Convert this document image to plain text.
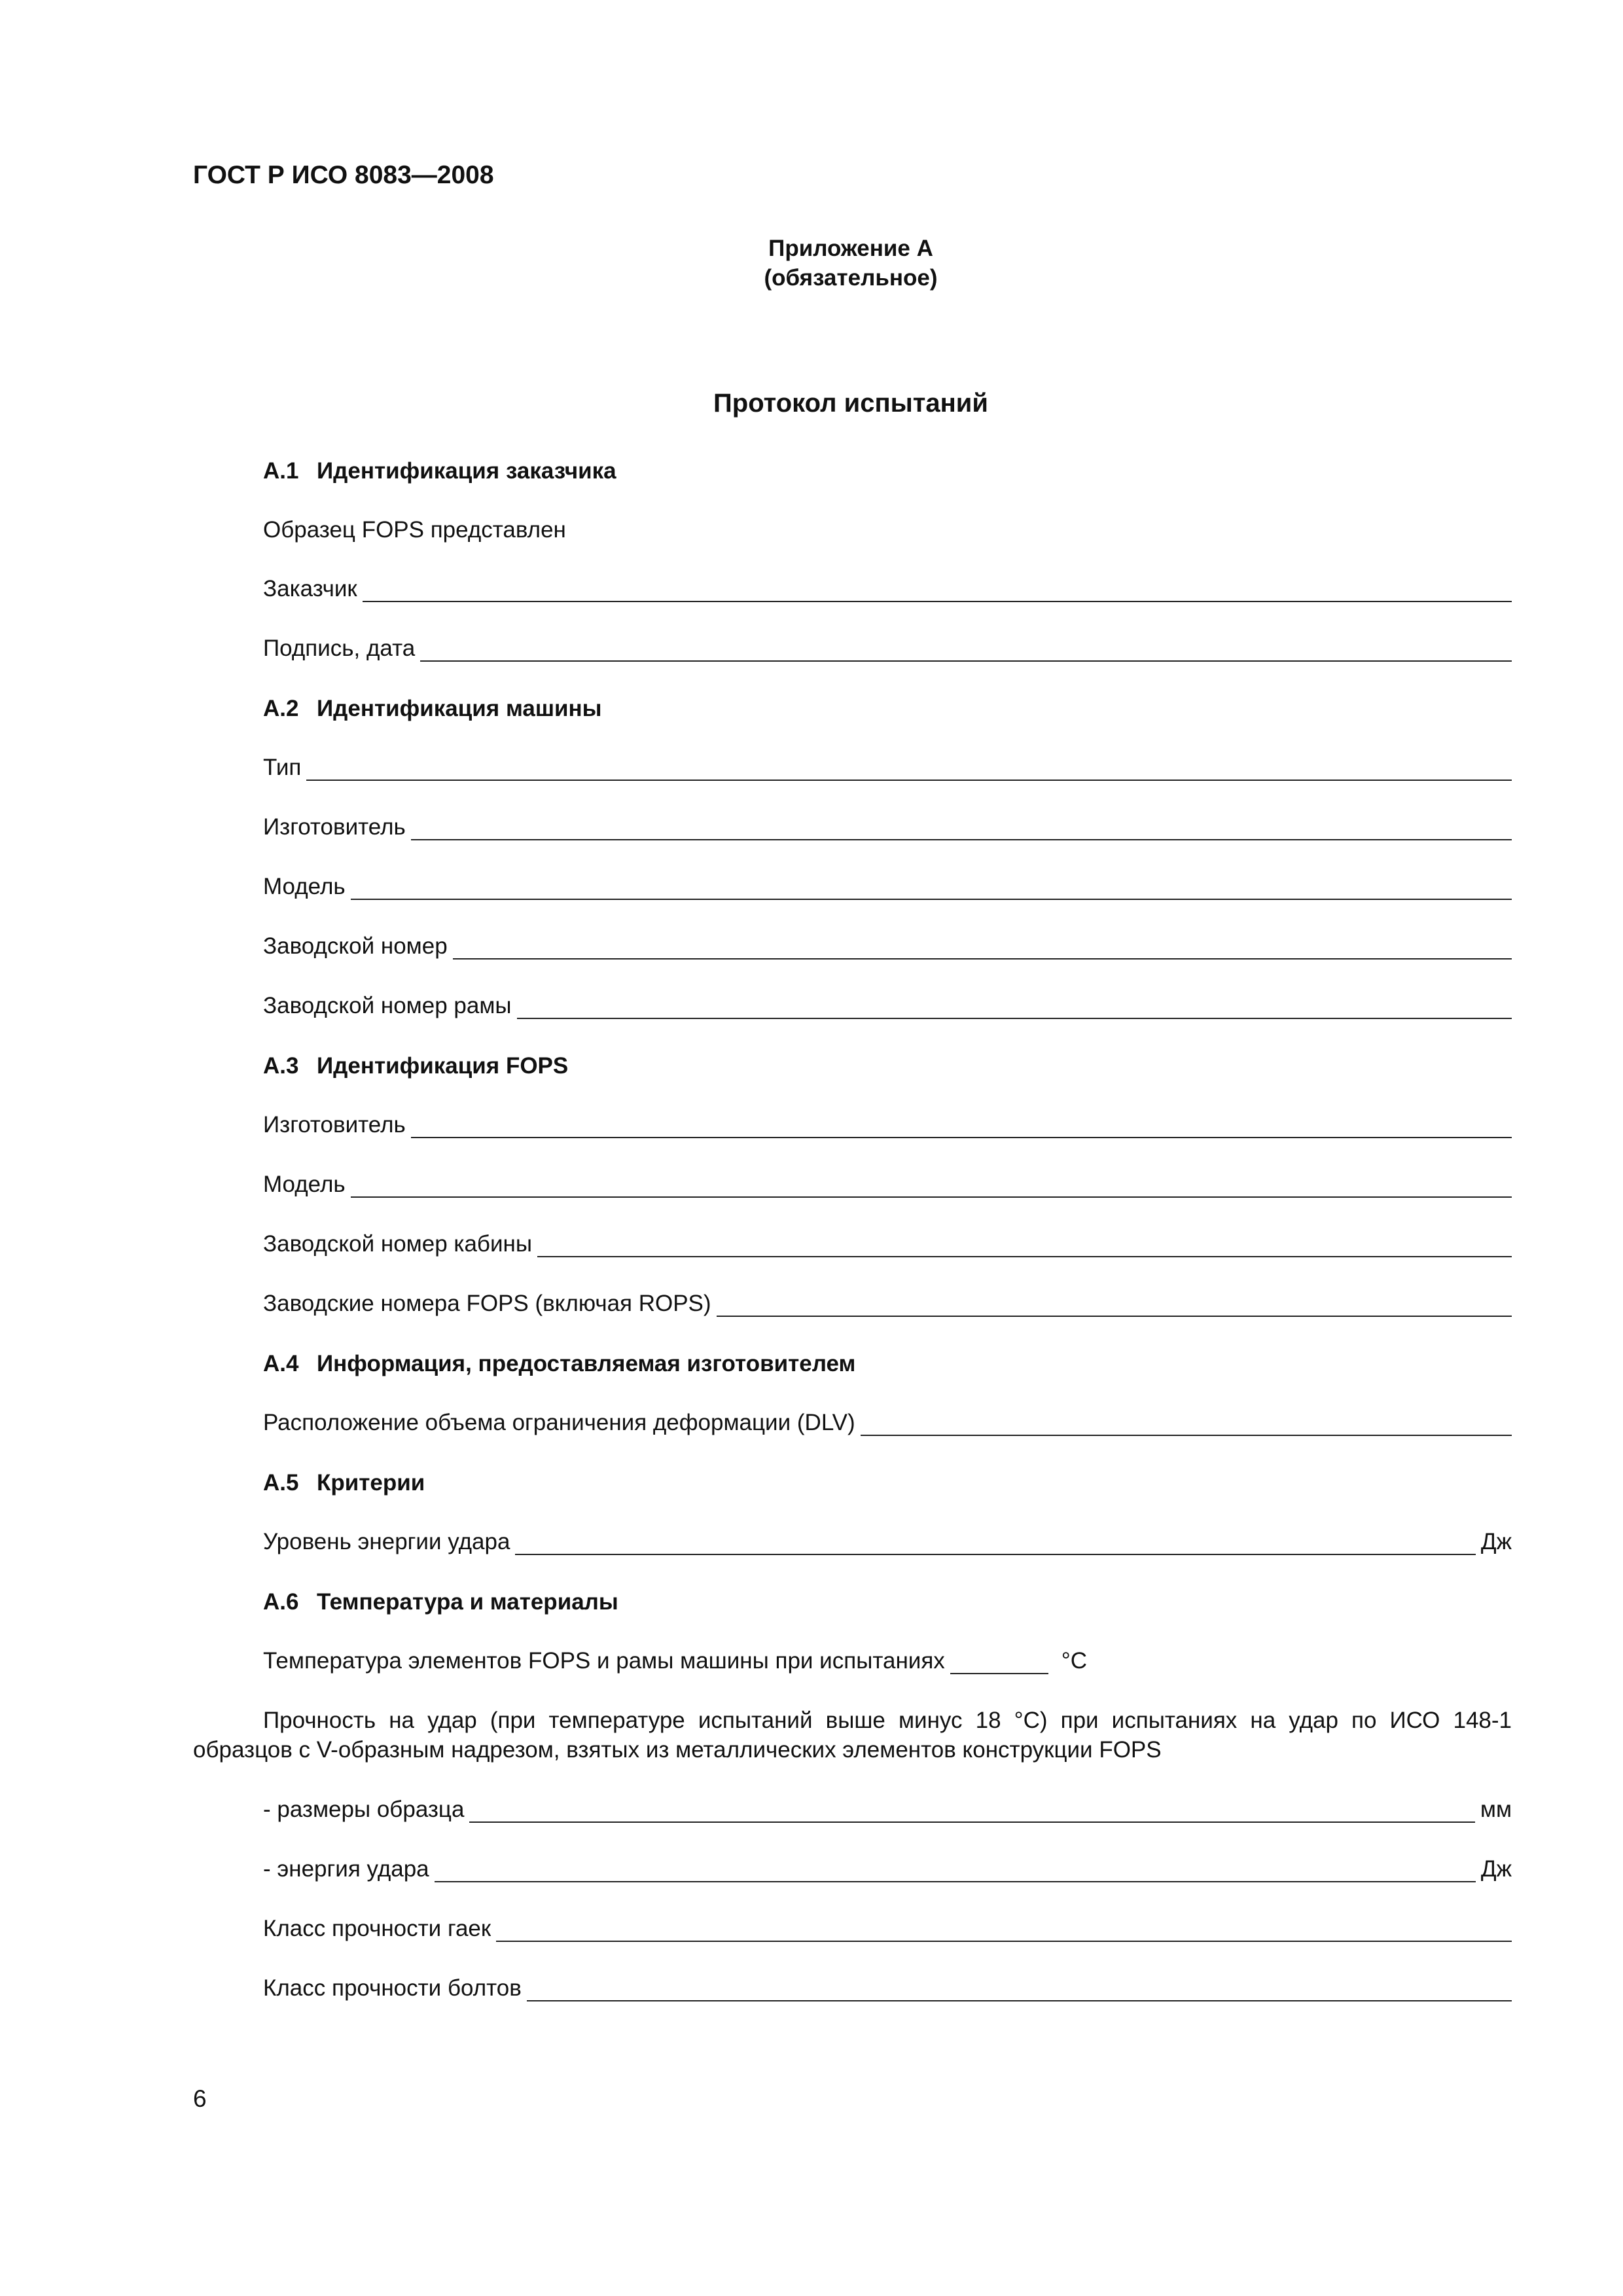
ГОСТ Р ИСО 8083—2008
Приложение А
(обязательное)
Протокол испытаний
А.1 Идентификация заказчика
Образец FOPS представлен
Заказчик
Подпись, дата
А.2 Идентификация машины
Тип
Изготовитель
Модель
Заводской номер
Заводской номер рамы
А.3 Идентификация FOPS
Изготовитель
Модель
Заводской номер кабины
Заводские номера FOPS (включая ROPS)
А.4 Информация, предоставляемая изготовителем
Расположение объема ограничения деформации (DLV)
А.5 Критерии
Уровень энергии удара	Дж
А.6 Температура и материалы
Температура элементов FOPS и рамы машины при испытаниях	°С
Прочность на удар (при температуре испытаний выше минус 18 °С) при испытаниях на удар по ИСО 148-1
образцов с V-образным надрезом, взятых из металлических элементов конструкции FOPS
- размеры образца	мм
- энергия удара	Дж
Класс прочности гаек
Класс прочности болтов
6
